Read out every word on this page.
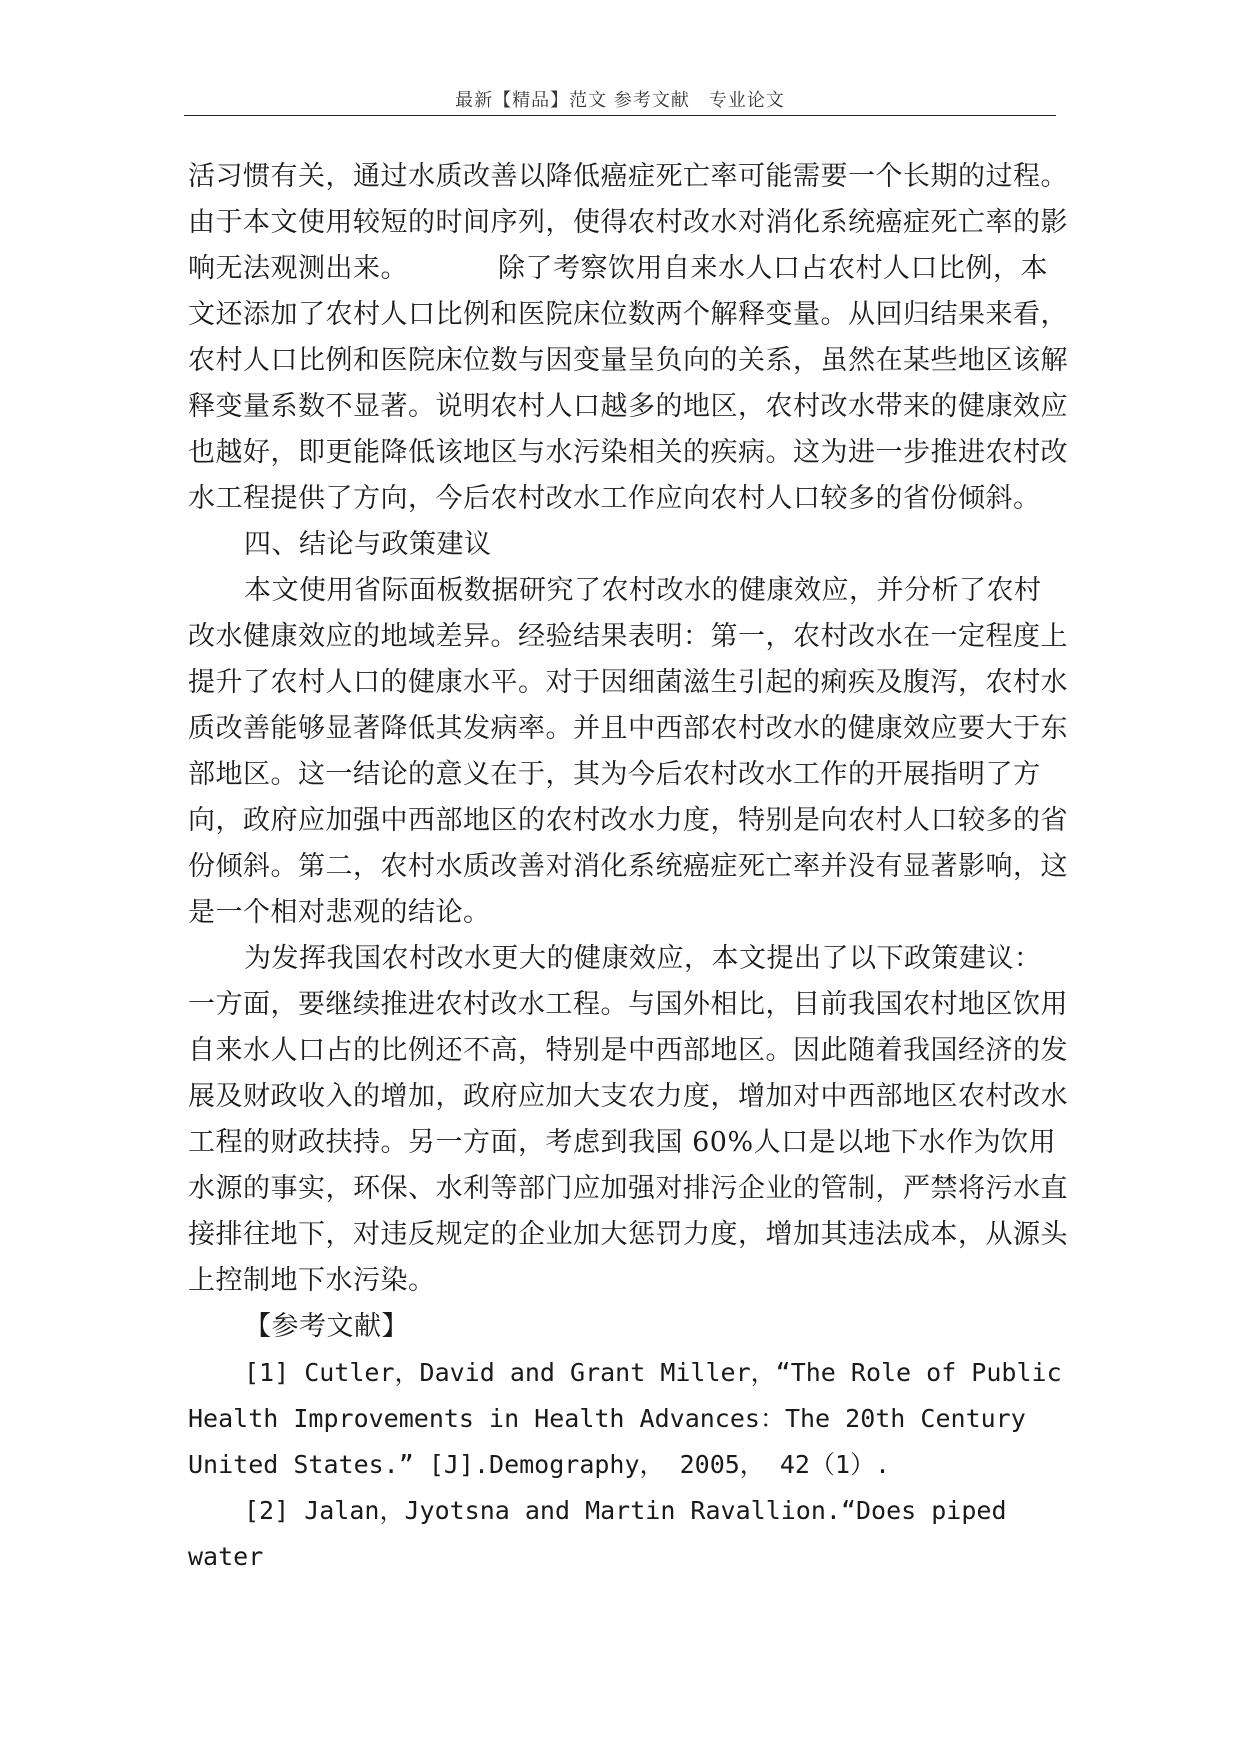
最新【精品】范文 参考文献　专业论文

活习惯有关，通过水质改善以降低癌症死亡率可能需要一个长期的过程。由于本文使用较短的时间序列，使得农村改水对消化系统癌症死亡率的影响无法观测出来。	除了考察饮用自来水人口占农村人口比例，本文还添加了农村人口比例和医院床位数两个解释变量。从回归结果来看，农村人口比例和医院床位数与因变量呈负向的关系，虽然在某些地区该解释变量系数不显著。说明农村人口越多的地区，农村改水带来的健康效应也越好，即更能降低该地区与水污染相关的疾病。这为进一步推进农村改水工程提供了方向，今后农村改水工作应向农村人口较多的省份倾斜。

四、结论与政策建议

本文使用省际面板数据研究了农村改水的健康效应，并分析了农村改水健康效应的地域差异。经验结果表明：第一，农村改水在一定程度上提升了农村人口的健康水平。对于因细菌滋生引起的痢疾及腹泻，农村水质改善能够显著降低其发病率。并且中西部农村改水的健康效应要大于东部地区。这一结论的意义在于，其为今后农村改水工作的开展指明了方向，政府应加强中西部地区的农村改水力度，特别是向农村人口较多的省份倾斜。第二，农村水质改善对消化系统癌症死亡率并没有显著影响，这是一个相对悲观的结论。

为发挥我国农村改水更大的健康效应，本文提出了以下政策建议：一方面，要继续推进农村改水工程。与国外相比，目前我国农村地区饮用自来水人口占的比例还不高，特别是中西部地区。因此随着我国经济的发展及财政收入的增加，政府应加大支农力度，增加对中西部地区农村改水工程的财政扶持。另一方面，考虑到我国 60%人口是以地下水作为饮用水源的事实，环保、水利等部门应加强对排污企业的管制，严禁将污水直接排往地下，对违反规定的企业加大惩罚力度，增加其违法成本，从源头上控制地下水污染。

【参考文献】

[1] Cutler，David and Grant Miller，“The Role of Public Health Improvements in Health Advances：The 20th Century United States.” [J].Demography， 2005， 42（1）.

[2] Jalan，Jyotsna and Martin Ravallion.“Does piped water
